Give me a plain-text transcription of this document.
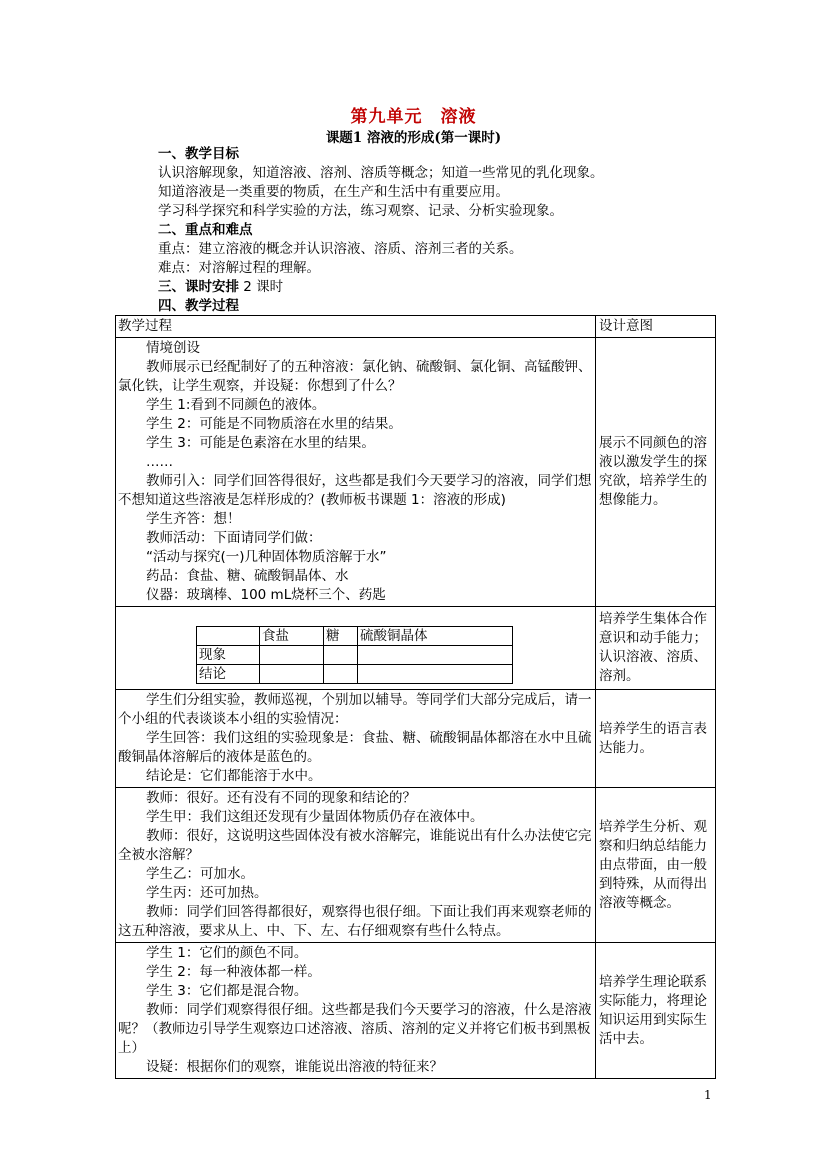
第九单元 溶液
课题1 溶液的形成(第一课时)
一、教学目标
认识溶解现象，知道溶液、溶剂、溶质等概念；知道一些常见的乳化现象。
知道溶液是一类重要的物质，在生产和生活中有重要应用。
学习科学探究和科学实验的方法，练习观察、记录、分析实验现象。
二、重点和难点
重点：建立溶液的概念并认识溶液、溶质、溶剂三者的关系。
难点：对溶解过程的理解。
三、课时安排 2 课时
四、教学过程
教学过程	设计意图

情境创设

教师展示已经配制好了的五种溶液：氯化钠、硫酸铜、氯化铜、高锰酸钾、氯化铁，让学生观察，并设疑：你想到了什么？

学生 1:看到不同颜色的液体。

学生 2：可能是不同物质溶在水里的结果。

学生 3：可能是色素溶在水里的结果。

……

教师引入：同学们回答得很好，这些都是我们今天要学习的溶液，同学们想不想知道这些溶液是怎样形成的？(教师板书课题 1：溶液的形成)

学生齐答：想！

教师活动：下面请同学们做：

“活动与探究(一)几种固体物质溶解于水”

药品：食盐、糖、硫酸铜晶体、水

仪器：玻璃棒、100 mL烧杯三个、药匙

	展示不同颜色的溶液以激发学生的探究欲，培养学生的想像能力。

	食盐	糖	硫酸铜晶体
现象			
结论			
	培养学生集体合作意识和动手能力；认识溶液、溶质、溶剂。

学生们分组实验，教师巡视，个别加以辅导。等同学们大部分完成后，请一个小组的代表谈谈本小组的实验情况：

学生回答：我们这组的实验现象是：食盐、糖、硫酸铜晶体都溶在水中且硫酸铜晶体溶解后的液体是蓝色的。

结论是：它们都能溶于水中。

	培养学生的语言表达能力。

教师：很好。还有没有不同的现象和结论的？

学生甲：我们这组还发现有少量固体物质仍存在液体中。

教师：很好，这说明这些固体没有被水溶解完，谁能说出有什么办法使它完全被水溶解？

学生乙：可加水。

学生丙：还可加热。

教师：同学们回答得都很好，观察得也很仔细。下面让我们再来观察老师的这五种溶液，要求从上、中、下、左、右仔细观察有些什么特点。

	培养学生分析、观察和归纳总结能力由点带面，由一般到特殊，从而得出溶液等概念。

学生 1：它们的颜色不同。

学生 2：每一种液体都一样。

学生 3：它们都是混合物。

教师：同学们观察得很仔细。这些都是我们今天要学习的溶液，什么是溶液呢？（教师边引导学生观察边口述溶液、溶质、溶剂的定义并将它们板书到黑板上）

设疑：根据你们的观察，谁能说出溶液的特征来？

	培养学生理论联系实际能力，将理论知识运用到实际生活中去。
1
